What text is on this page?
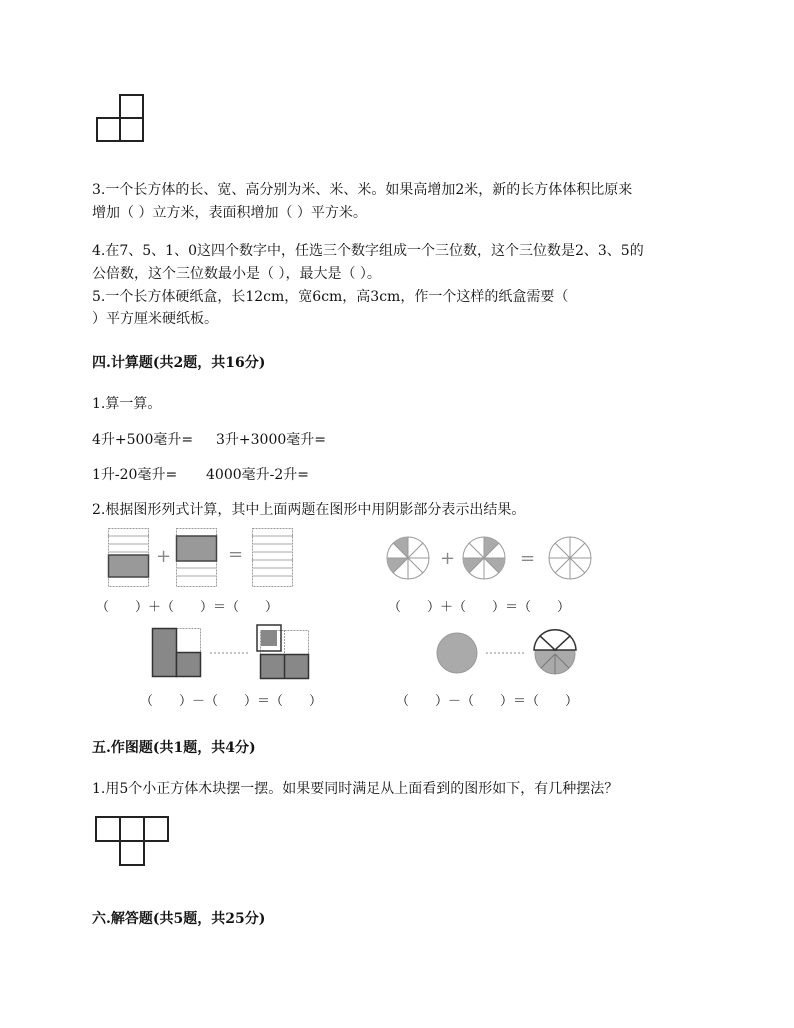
3.一个长方体的长、宽、高分别为米、米、米。如果高增加2米，新的长方体体积比原来
增加（ ）立方米，表面积增加（ ）平方米。
4.在7、5、1、0这四个数字中，任选三个数字组成一个三位数，这个三位数是2、3、5的
公倍数，这个三位数最小是（ ），最大是（ ）。
5.一个长方体硬纸盒，长12cm，宽6cm，高3cm，作一个这样的纸盒需要（
）平方厘米硬纸板。
四.计算题(共2题，共16分)
1.算一算。
4升+500毫升= 3升+3000毫升=
1升-20毫升= 4000毫升-2升=
2.根据图形列式计算，其中上面两题在图形中用阴影部分表示出结果。
+	=	+	=
（　　）＋（　　）＝（　　）	（　　）＋（　　）＝（　　）
（　　）－（　　）＝（　　）	（　　）－（　　）＝（　　）
五.作图题(共1题，共4分)
1.用5个小正方体木块摆一摆。如果要同时满足从上面看到的图形如下，有几种摆法？
六.解答题(共5题，共25分)
